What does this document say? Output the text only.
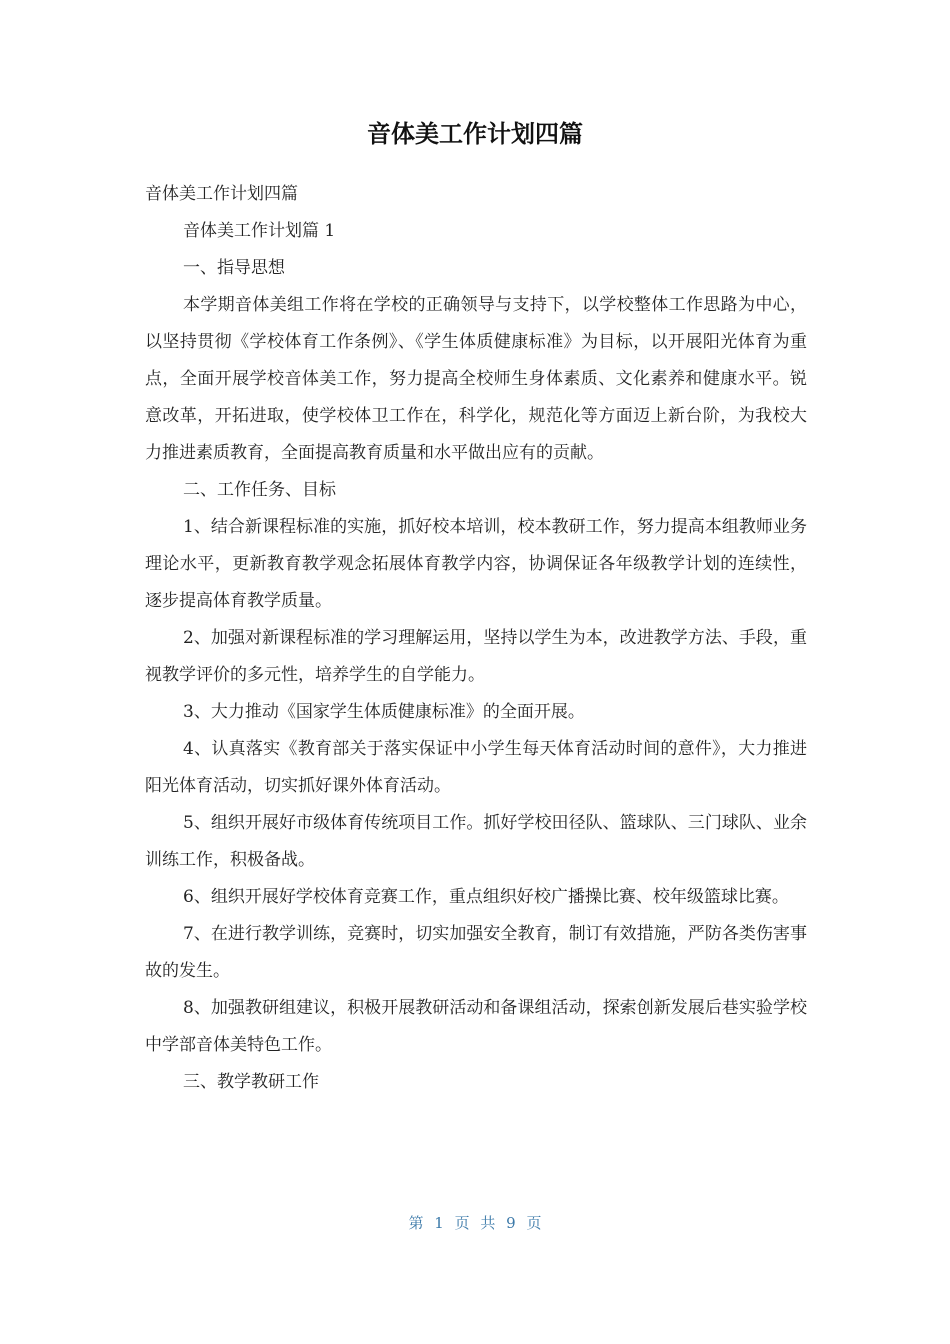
音体美工作计划四篇

音体美工作计划四篇

音体美工作计划篇 1

一、指导思想

本学期音体美组工作将在学校的正确领导与支持下，以学校整体工作思路为中心，以坚持贯彻《学校体育工作条例》、《学生体质健康标准》为目标，以开展阳光体育为重点，全面开展学校音体美工作，努力提高全校师生身体素质、文化素养和健康水平。锐意改革，开拓进取，使学校体卫工作在，科学化，规范化等方面迈上新台阶，为我校大力推进素质教育，全面提高教育质量和水平做出应有的贡献。

二、工作任务、目标

1、结合新课程标准的实施，抓好校本培训，校本教研工作，努力提高本组教师业务理论水平，更新教育教学观念拓展体育教学内容，协调保证各年级教学计划的连续性，逐步提高体育教学质量。

2、加强对新课程标准的学习理解运用，坚持以学生为本，改进教学方法、手段，重视教学评价的多元性，培养学生的自学能力。

3、大力推动《国家学生体质健康标准》的全面开展。

4、认真落实《教育部关于落实保证中小学生每天体育活动时间的意件》，大力推进阳光体育活动，切实抓好课外体育活动。

5、组织开展好市级体育传统项目工作。抓好学校田径队、篮球队、三门球队、业余训练工作，积极备战。

6、组织开展好学校体育竞赛工作，重点组织好校广播操比赛、校年级篮球比赛。

7、在进行教学训练，竞赛时，切实加强安全教育，制订有效措施，严防各类伤害事故的发生。

8、加强教研组建议，积极开展教研活动和备课组活动，探索创新发展后巷实验学校中学部音体美特色工作。

三、教学教研工作

第 1 页 共 9 页
